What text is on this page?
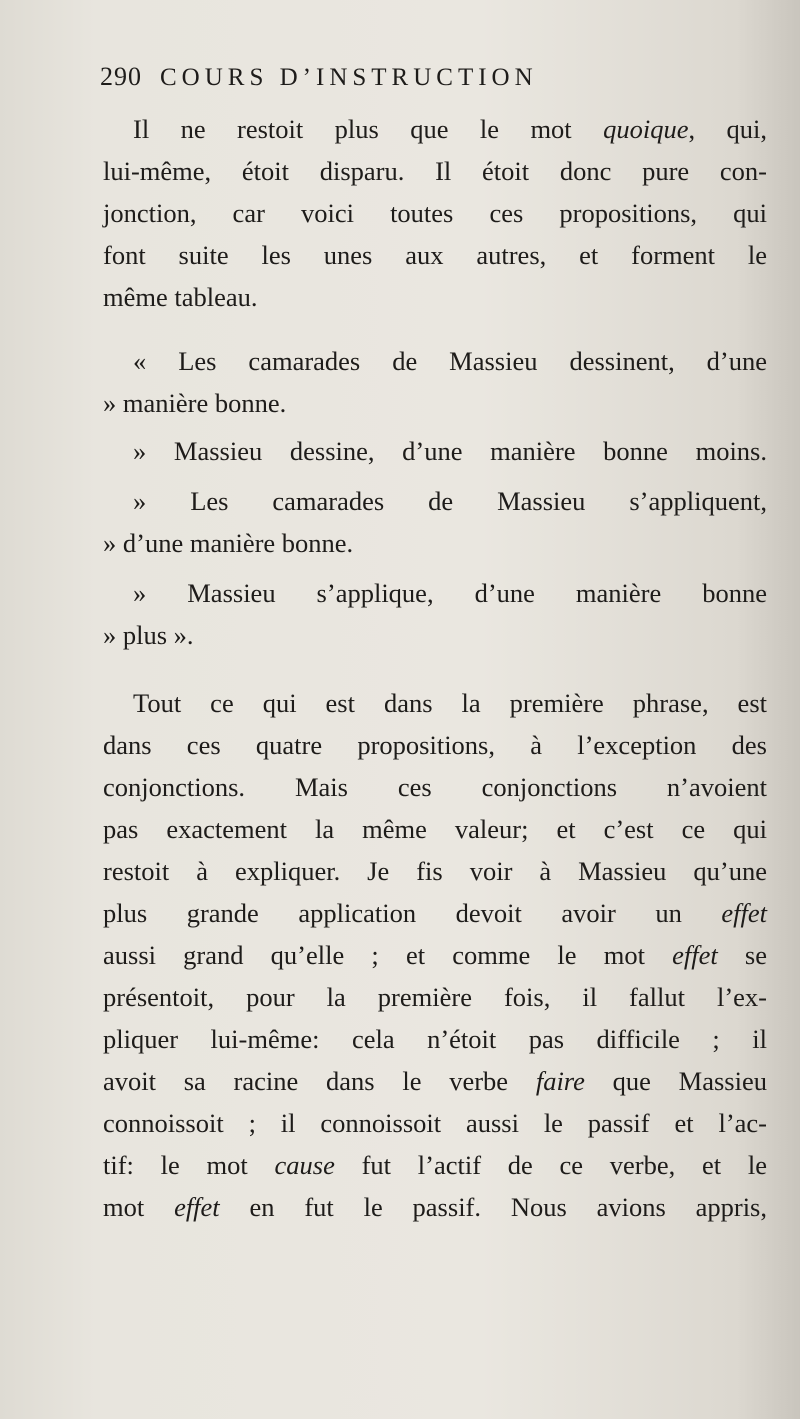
290 COURS D’INSTRUCTION
Il ne restoit plus que le mot quoique, qui,
lui-même, étoit disparu. Il étoit donc pure con-
jonction, car voici toutes ces propositions, qui
font suite les unes aux autres, et forment le
même tableau.
« Les camarades de Massieu dessinent, d’une
» manière bonne.
» Massieu dessine, d’une manière bonne moins.
» Les camarades de Massieu s’appliquent,
» d’une manière bonne.
» Massieu s’applique, d’une manière bonne
» plus ».
Tout ce qui est dans la première phrase, est
dans ces quatre propositions, à l’exception des
conjonctions. Mais ces conjonctions n’avoient
pas exactement la même valeur; et c’est ce qui
restoit à expliquer. Je fis voir à Massieu qu’une
plus grande application devoit avoir un effet
aussi grand qu’elle ; et comme le mot effet se
présentoit, pour la première fois, il fallut l’ex-
pliquer lui-même: cela n’étoit pas difficile ; il
avoit sa racine dans le verbe faire que Massieu
connoissoit ; il connoissoit aussi le passif et l’ac-
tif: le mot cause fut l’actif de ce verbe, et le
mot effet en fut le passif. Nous avions appris,
